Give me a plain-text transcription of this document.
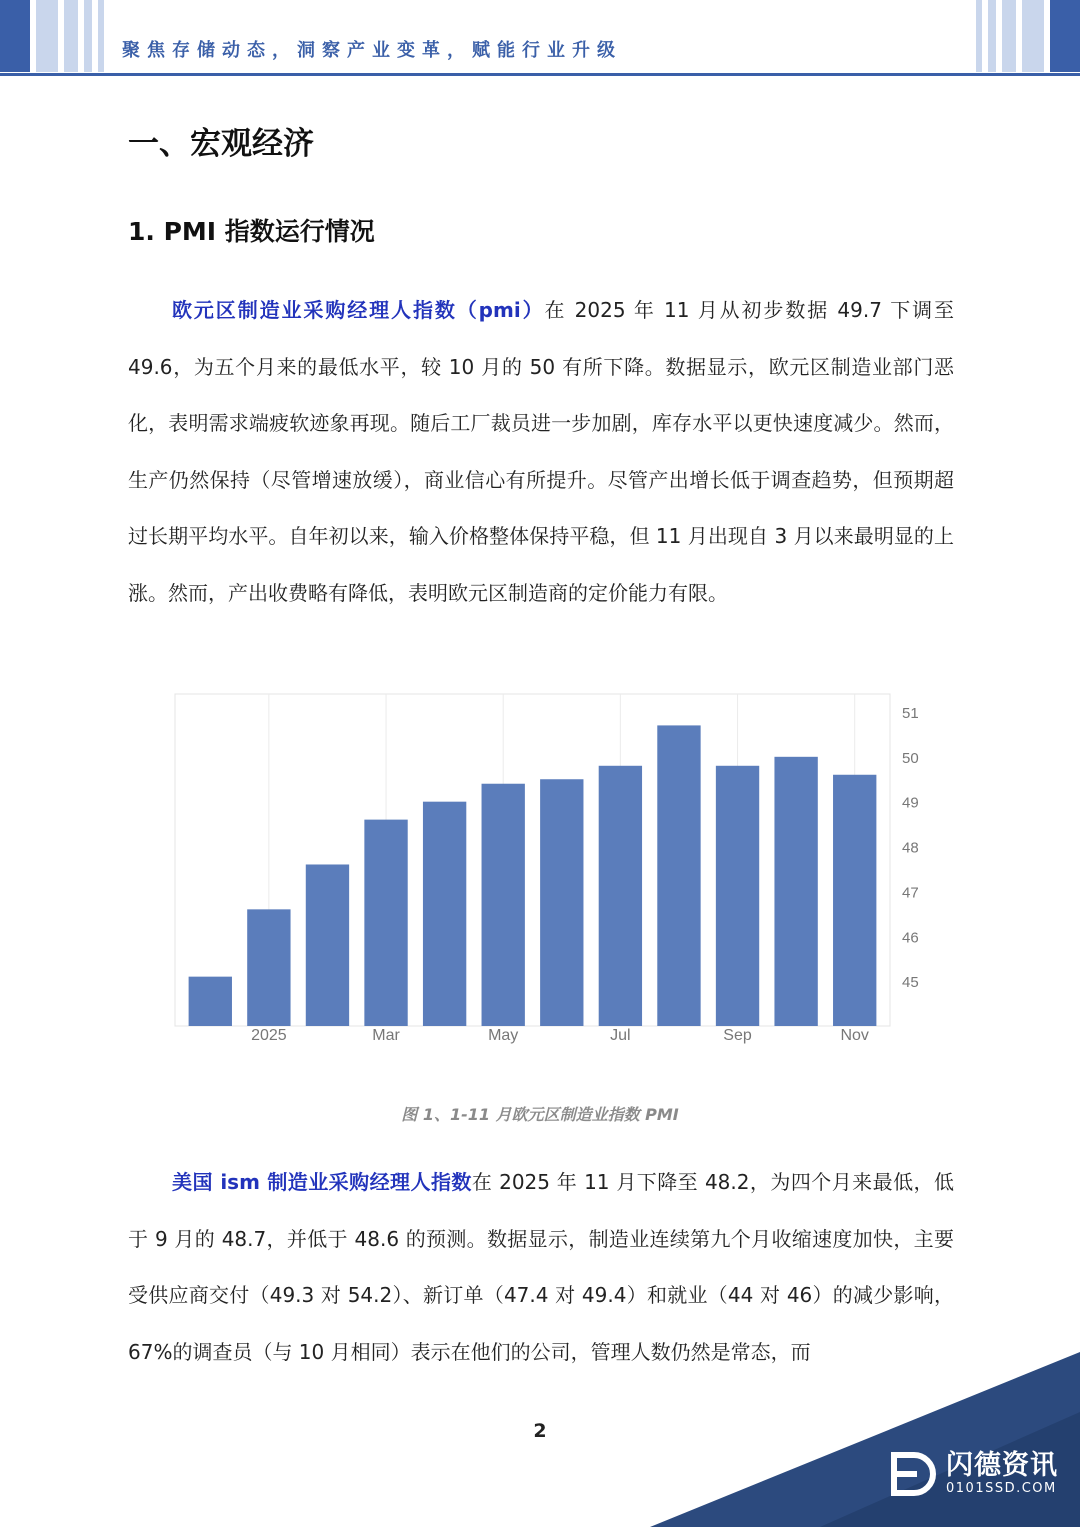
聚焦存储动态，洞察产业变革，赋能行业升级
一、宏观经济
1. PMI 指数运行情况
欧元区制造业采购经理人指数（pmi）在 2025 年 11 月从初步数据 49.7 下调至 49.6，为五个月来的最低水平，较 10 月的 50 有所下降。数据显示，欧元区制造业部门恶化，表明需求端疲软迹象再现。随后工厂裁员进一步加剧，库存水平以更快速度减少。然而，生产仍然保持（尽管增速放缓），商业信心有所提升。尽管产出增长低于调查趋势，但预期超过长期平均水平。自年初以来，输入价格整体保持平稳，但 11 月出现自 3 月以来最明显的上涨。然而，产出收费略有降低，表明欧元区制造商的定价能力有限。
45
46
47
48
49
50
51
2025	Mar	May	Jul	Sep	Nov
图 1、1-11 月欧元区制造业指数 PMI
美国 ism 制造业采购经理人指数在 2025 年 11 月下降至 48.2，为四个月来最低，低于 9 月的 48.7，并低于 48.6 的预测。数据显示，制造业连续第九个月收缩速度加快，主要受供应商交付（49.3 对 54.2）、新订单（47.4 对 49.4）和就业（44 对 46）的减少影响，67%的调查员（与 10 月相同）表示在他们的公司，管理人数仍然是常态，而
2
闪德资讯
0101SSD.COM
